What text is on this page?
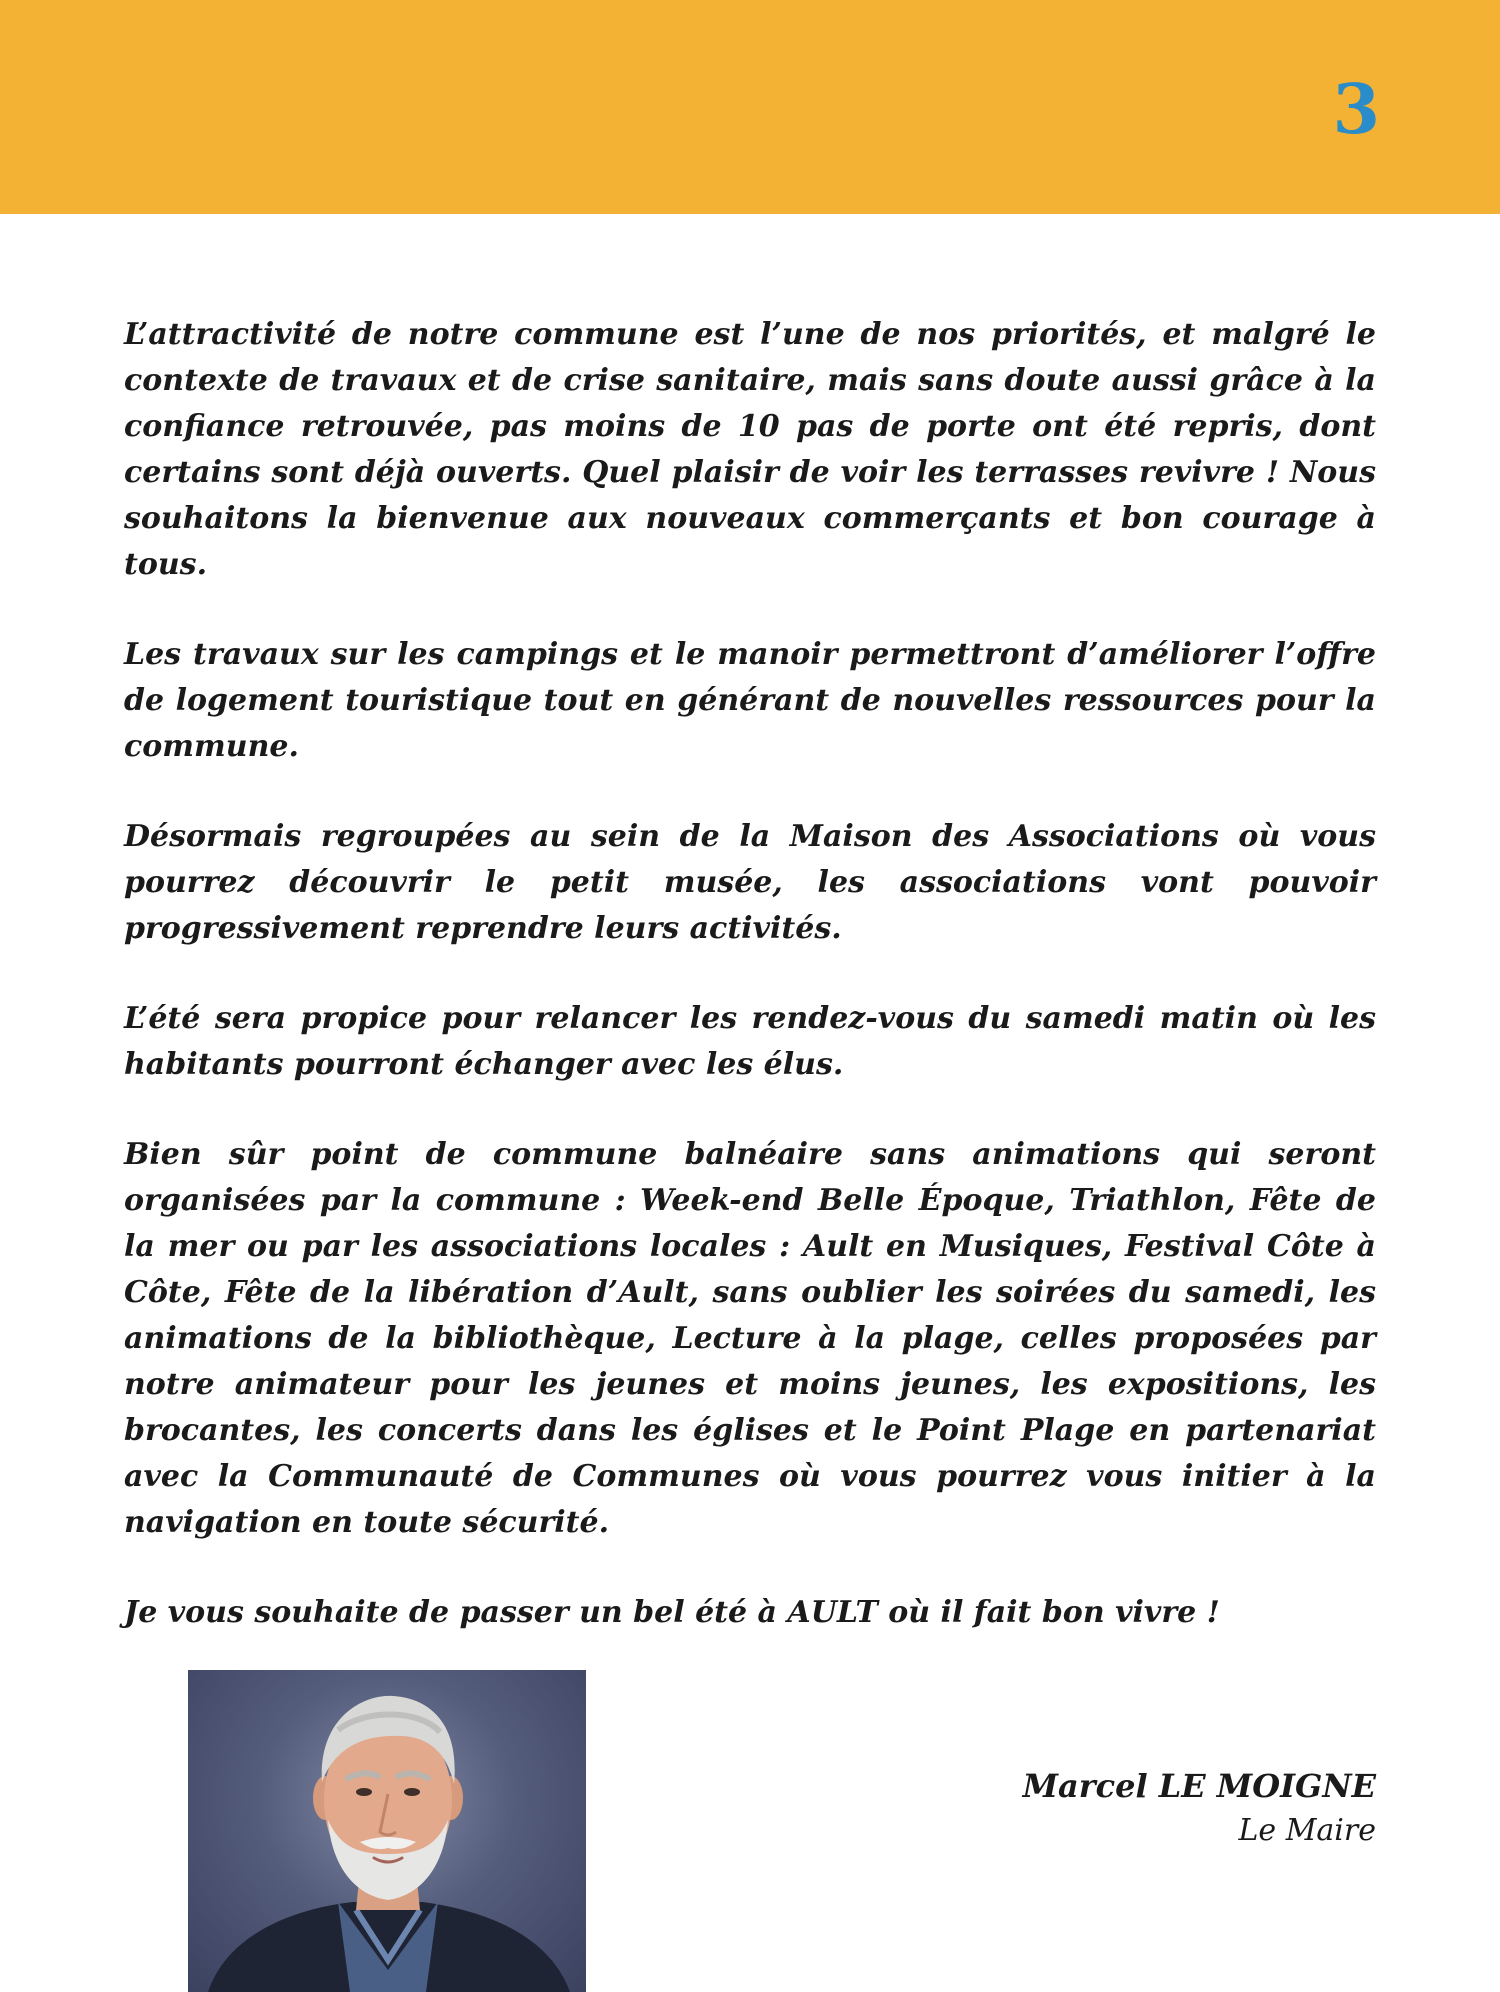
3

L’attractivité de notre commune est l’une de nos priorités, et malgré le contexte de travaux et de crise sanitaire, mais sans doute aussi grâce à la confiance retrouvée, pas moins de 10 pas de porte ont été repris, dont certains sont déjà ouverts. Quel plaisir de voir les terrasses revivre ! Nous souhaitons la bienvenue aux nouveaux commerçants et bon courage à tous.

Les travaux sur les campings et le manoir permettront d’améliorer l’offre de logement touristique tout en générant de nouvelles ressources pour la commune.

Désormais regroupées au sein de la Maison des Associations où vous pourrez découvrir le petit musée, les associations vont pouvoir progressivement reprendre leurs activités.

L’été sera propice pour relancer les rendez-vous du samedi matin où les habitants pourront échanger avec les élus.

Bien sûr point de commune balnéaire sans animations qui seront organisées par la commune : Week-end Belle Époque, Triathlon, Fête de la mer ou par les associations locales : Ault en Musiques, Festival Côte à Côte, Fête de la libération d’Ault, sans oublier les soirées du samedi, les animations de la bibliothèque, Lecture à la plage, celles proposées par notre animateur pour les jeunes et moins jeunes, les expositions, les brocantes, les concerts dans les églises et le Point Plage en partenariat avec la Communauté de Communes où vous pourrez vous initier à la navigation en toute sécurité.

Je vous souhaite de passer un bel été à AULT où il fait bon vivre !

Marcel LE MOIGNE
Le Maire
